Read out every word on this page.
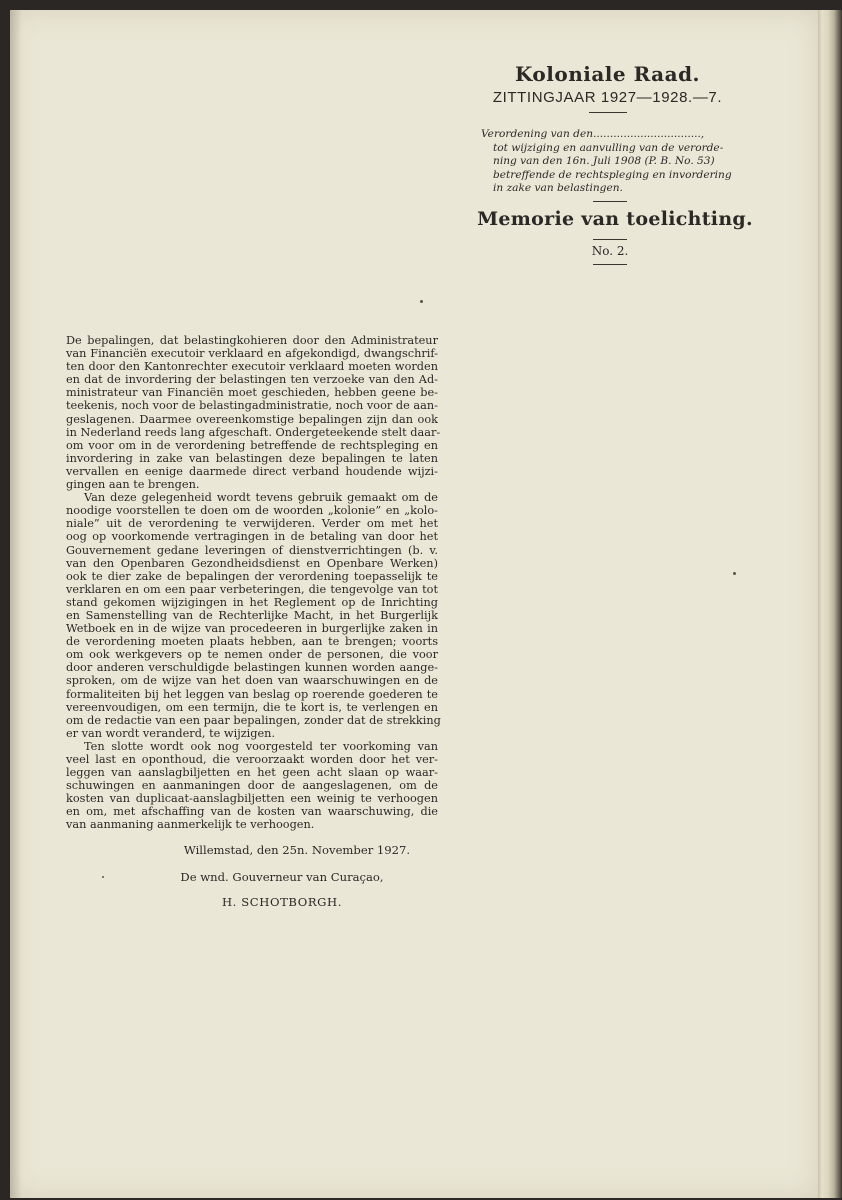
Koloniale Raad.
ZITTINGJAAR 1927—1928.—7.
Verordening van den................................,
tot wijziging en aanvulling van de verorde-
ning van den 16n. Juli 1908 (P. B. No. 53)
betreffende de rechtspleging en invordering
in zake van belastingen.
Memorie van toelichting.
No. 2.
De bepalingen, dat belastingkohieren door den Administrateur
van Financiën executoir verklaard en afgekondigd, dwangschrif-
ten door den Kantonrechter executoir verklaard moeten worden
en dat de invordering der belastingen ten verzoeke van den Ad-
ministrateur van Financiën moet geschieden, hebben geene be-
teekenis, noch voor de belastingadministratie, noch voor de aan-
geslagenen. Daarmee overeenkomstige bepalingen zijn dan ook
in Nederland reeds lang afgeschaft. Ondergeteekende stelt daar-
om voor om in de verordening betreffende de rechtspleging en
invordering in zake van belastingen deze bepalingen te laten
vervallen en eenige daarmede direct verband houdende wijzi-
gingen aan te brengen.
Van deze gelegenheid wordt tevens gebruik gemaakt om de
noodige voorstellen te doen om de woorden „kolonie” en „kolo-
niale” uit de verordening te verwijderen. Verder om met het
oog op voorkomende vertragingen in de betaling van door het
Gouvernement gedane leveringen of dienstverrichtingen (b. v.
van den Openbaren Gezondheidsdienst en Openbare Werken)
ook te dier zake de bepalingen der verordening toepasselijk te
verklaren en om een paar verbeteringen, die tengevolge van tot
stand gekomen wijzigingen in het Reglement op de Inrichting
en Samenstelling van de Rechterlijke Macht, in het Burgerlijk
Wetboek en in de wijze van procedeeren in burgerlijke zaken in
de verordening moeten plaats hebben, aan te brengen; voorts
om ook werkgevers op te nemen onder de personen, die voor
door anderen verschuldigde belastingen kunnen worden aange-
sproken, om de wijze van het doen van waarschuwingen en de
formaliteiten bij het leggen van beslag op roerende goederen te
vereenvoudigen, om een termijn, die te kort is, te verlengen en
om de redactie van een paar bepalingen, zonder dat de strekking
er van wordt veranderd, te wijzigen.
Ten slotte wordt ook nog voorgesteld ter voorkoming van
veel last en oponthoud, die veroorzaakt worden door het ver-
leggen van aanslagbiljetten en het geen acht slaan op waar-
schuwingen en aanmaningen door de aangeslagenen, om de
kosten van duplicaat-aanslagbiljetten een weinig te verhoogen
en om, met afschaffing van de kosten van waarschuwing, die
van aanmaning aanmerkelijk te verhoogen.
Willemstad, den 25n. November 1927.
De wnd. Gouverneur van Curaçao,
H. SCHOTBORGH.
